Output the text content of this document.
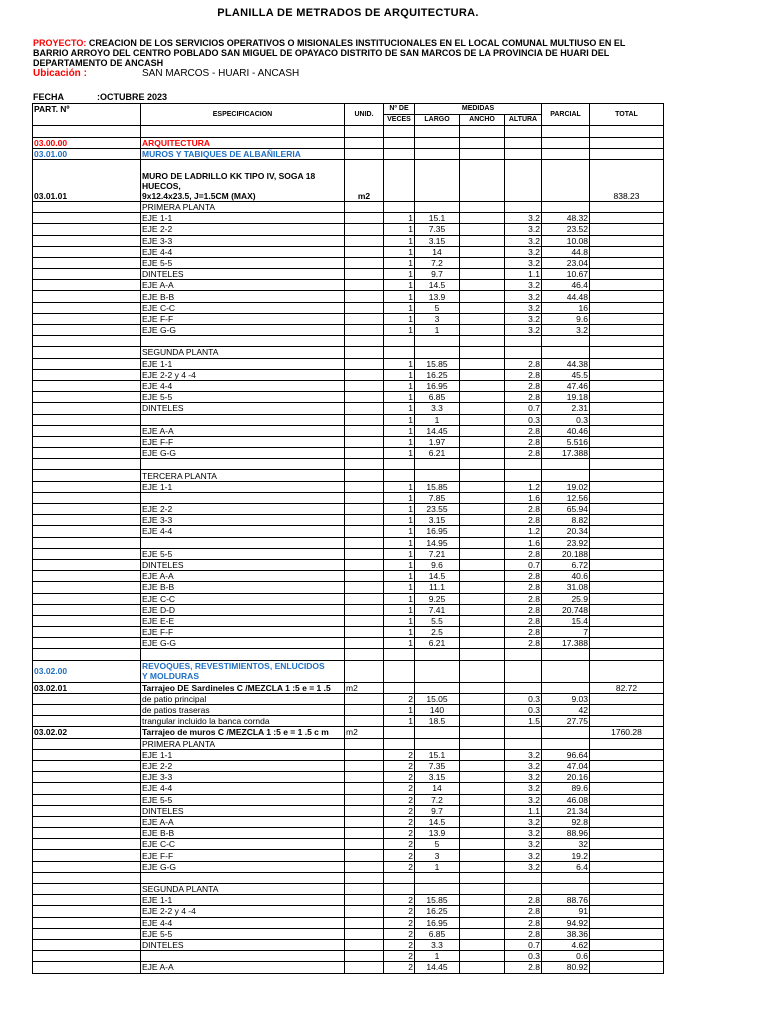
PLANILLA DE METRADOS DE ARQUITECTURA.
PROYECTO: CREACION DE LOS SERVICIOS OPERATIVOS O MISIONALES INSTITUCIONALES EN EL LOCAL COMUNAL MULTIUSO EN EL BARRIO ARROYO DEL CENTRO POBLADO SAN MIGUEL DE OPAYACO DISTRITO DE SAN MARCOS DE LA PROVINCIA DE HUARI DEL DEPARTAMENTO DE ANCASH
Ubicación :	SAN MARCOS - HUARI - ANCASH
FECHA	:OCTUBRE 2023
PART. Nº	ESPECIFICACION	UNID.	Nº DE	MEDIDAS			PARCIAL	TOTAL
			VECES	LARGO	ANCHO	ALTURA		

03.00.00	ARQUITECTURA							
03.01.00	MUROS Y TABIQUES DE ALBAÑILERIA							
03.01.01	MURO DE LADRILLO KK TIPO IV, SOGA 18 HUECOS,
9x12.4x23.5, J=1.5CM (MAX)	m2						838.23
	PRIMERA PLANTA							
	EJE 1-1		1	15.1		3.2	48.32	
	EJE 2-2		1	7.35		3.2	23.52	
	EJE 3-3		1	3.15		3.2	10.08	
	EJE 4-4		1	14		3.2	44.8	
	EJE 5-5		1	7.2		3.2	23.04	
	DINTELES		1	9.7		1.1	10.67	
	EJE A-A		1	14.5		3.2	46.4	
	EJE B-B		1	13.9		3.2	44.48	
	EJE C-C		1	5		3.2	16	
	EJE F-F		1	3		3.2	9.6	
	EJE G-G		1	1		3.2	3.2	

	SEGUNDA PLANTA							
	EJE 1-1		1	15.85		2.8	44.38	
	EJE 2-2 y 4 -4		1	16.25		2.8	45.5	
	EJE 4-4		1	16.95		2.8	47.46	
	EJE 5-5		1	6.85		2.8	19.18	
	DINTELES		1	3.3		0.7	2.31	
			1	1		0.3	0.3	
	EJE A-A		1	14.45		2.8	40.46	
	EJE F-F		1	1.97		2.8	5.516	
	EJE G-G		1	6.21		2.8	17.388	

	TERCERA PLANTA							
	EJE 1-1		1	15.85		1.2	19.02	
			1	7.85		1.6	12.56	
	EJE 2-2		1	23.55		2.8	65.94	
	EJE 3-3		1	3.15		2.8	8.82	
	EJE 4-4		1	16.95		1.2	20.34	
			1	14.95		1.6	23.92	
	EJE 5-5		1	7.21		2.8	20.188	
	DINTELES		1	9.6		0.7	6.72	
	EJE A-A		1	14.5		2.8	40.6	
	EJE B-B		1	11.1		2.8	31.08	
	EJE C-C		1	9.25		2.8	25.9	
	EJE D-D		1	7.41		2.8	20.748	
	EJE E-E		1	5.5		2.8	15.4	
	EJE F-F		1	2.5		2.8	7	
	EJE G-G		1	6.21		2.8	17.388	

03.02.00	REVOQUES, REVESTIMIENTOS, ENLUCIDOS
Y MOLDURAS							
03.02.01	Tarrajeo DE Sardineles C /MEZCLA 1 :5 e = 1 .5	m2						82.72
	de patio principal		2	15.05		0.3	9.03	
	de patios traseras		1	140		0.3	42	
	trangular incluido la banca cornda		1	18.5		1.5	27.75	
03.02.02	Tarrajeo de muros C /MEZCLA 1 :5 e = 1 .5 c m	m2						1760.28
	PRIMERA PLANTA							
	EJE 1-1		2	15.1		3.2	96.64	
	EJE 2-2		2	7.35		3.2	47.04	
	EJE 3-3		2	3.15		3.2	20.16	
	EJE 4-4		2	14		3.2	89.6	
	EJE 5-5		2	7.2		3.2	46.08	
	DINTELES		2	9.7		1.1	21.34	
	EJE A-A		2	14.5		3.2	92.8	
	EJE B-B		2	13.9		3.2	88.96	
	EJE C-C		2	5		3.2	32	
	EJE F-F		2	3		3.2	19.2	
	EJE G-G		2	1		3.2	6.4	

	SEGUNDA PLANTA							
	EJE 1-1		2	15.85		2.8	88.76	
	EJE 2-2 y 4 -4		2	16.25		2.8	91	
	EJE 4-4		2	16.95		2.8	94.92	
	EJE 5-5		2	6.85		2.8	38.36	
	DINTELES		2	3.3		0.7	4.62	
			2	1		0.3	0.6	
	EJE A-A		2	14.45		2.8	80.92	
